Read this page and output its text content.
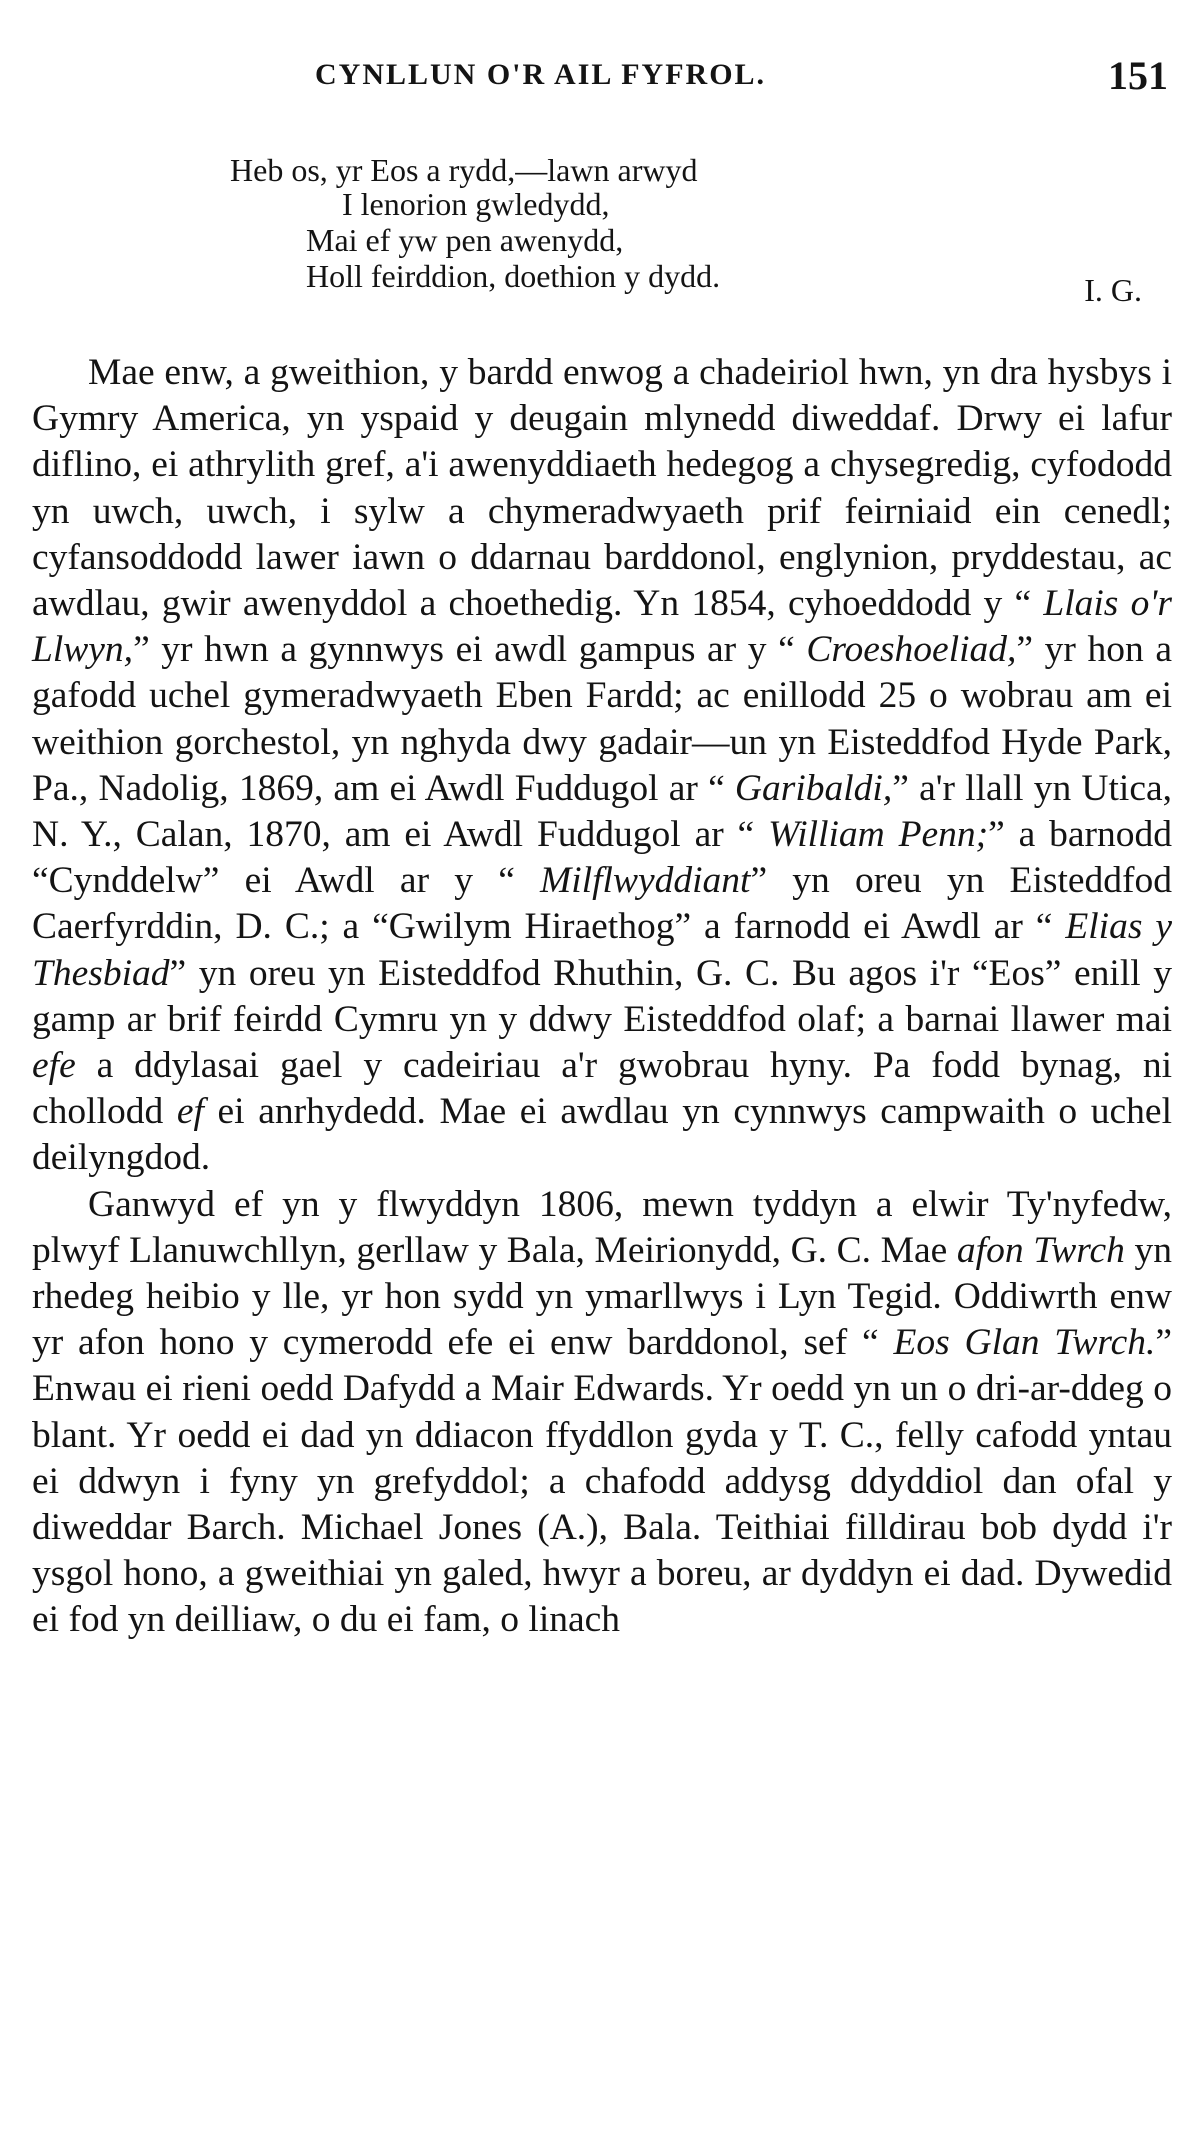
CYNLLUN O'R AIL FYFROL.	151
Heb os, yr Eos a rydd,—lawn arwyd
I lenorion gwledydd,
Mai ef yw pen awenydd,
Holl feirddion, doethion y dydd.	I. G.

Mae enw, a gweithion, y bardd enwog a chadeiriol hwn, yn dra hysbys i Gymry America, yn yspaid y deugain mlynedd diweddaf. Drwy ei lafur diflino, ei athrylith gref, a'i awenyddiaeth hedegog a chysegredig, cyfododd yn uwch, uwch, i sylw a chymeradwyaeth prif feirniaid ein cenedl; cyfansoddodd lawer iawn o ddarnau barddonol, englynion, pryddestau, ac awdlau, gwir awenyddol a choethedig. Yn 1854, cyhoeddodd y “ Llais o'r Llwyn,” yr hwn a gynnwys ei awdl gampus ar y “ Croeshoeliad,” yr hon a gafodd uchel gymeradwyaeth Eben Fardd; ac enillodd 25 o wobrau am ei weithion gorchestol, yn nghyda dwy gadair—un yn Eisteddfod Hyde Park, Pa., Nadolig, 1869, am ei Awdl Fuddugol ar “ Garibaldi,” a'r llall yn Utica, N. Y., Calan, 1870, am ei Awdl Fuddugol ar “ William Penn;” a barnodd “Cynddelw” ei Awdl ar y “ Milflwyddiant” yn oreu yn Eisteddfod Caerfyrddin, D. C.; a “Gwilym Hiraethog” a farnodd ei Awdl ar “ Elias y Thesbiad” yn oreu yn Eisteddfod Rhuthin, G. C. Bu agos i'r “Eos” enill y gamp ar brif feirdd Cymru yn y ddwy Eisteddfod olaf; a barnai llawer mai efe a ddylasai gael y cadeiriau a'r gwobrau hyny. Pa fodd bynag, ni chollodd ef ei anrhydedd. Mae ei awdlau yn cynnwys campwaith o uchel deilyngdod.

Ganwyd ef yn y flwyddyn 1806, mewn tyddyn a elwir Ty'nyfedw, plwyf Llanuwchllyn, gerllaw y Bala, Meirionydd, G. C. Mae afon Twrch yn rhedeg heibio y lle, yr hon sydd yn ymarllwys i Lyn Tegid. Oddiwrth enw yr afon hono y cymerodd efe ei enw barddonol, sef “ Eos Glan Twrch.” Enwau ei rieni oedd Dafydd a Mair Edwards. Yr oedd yn un o dri-ar-ddeg o blant. Yr oedd ei dad yn ddiacon ffyddlon gyda y T. C., felly cafodd yntau ei ddwyn i fyny yn grefyddol; a chafodd addysg ddyddiol dan ofal y diweddar Barch. Michael Jones (A.), Bala. Teithiai filldirau bob dydd i'r ysgol hono, a gweithiai yn galed, hwyr a boreu, ar dyddyn ei dad. Dywedid ei fod yn deilliaw, o du ei fam, o linach
